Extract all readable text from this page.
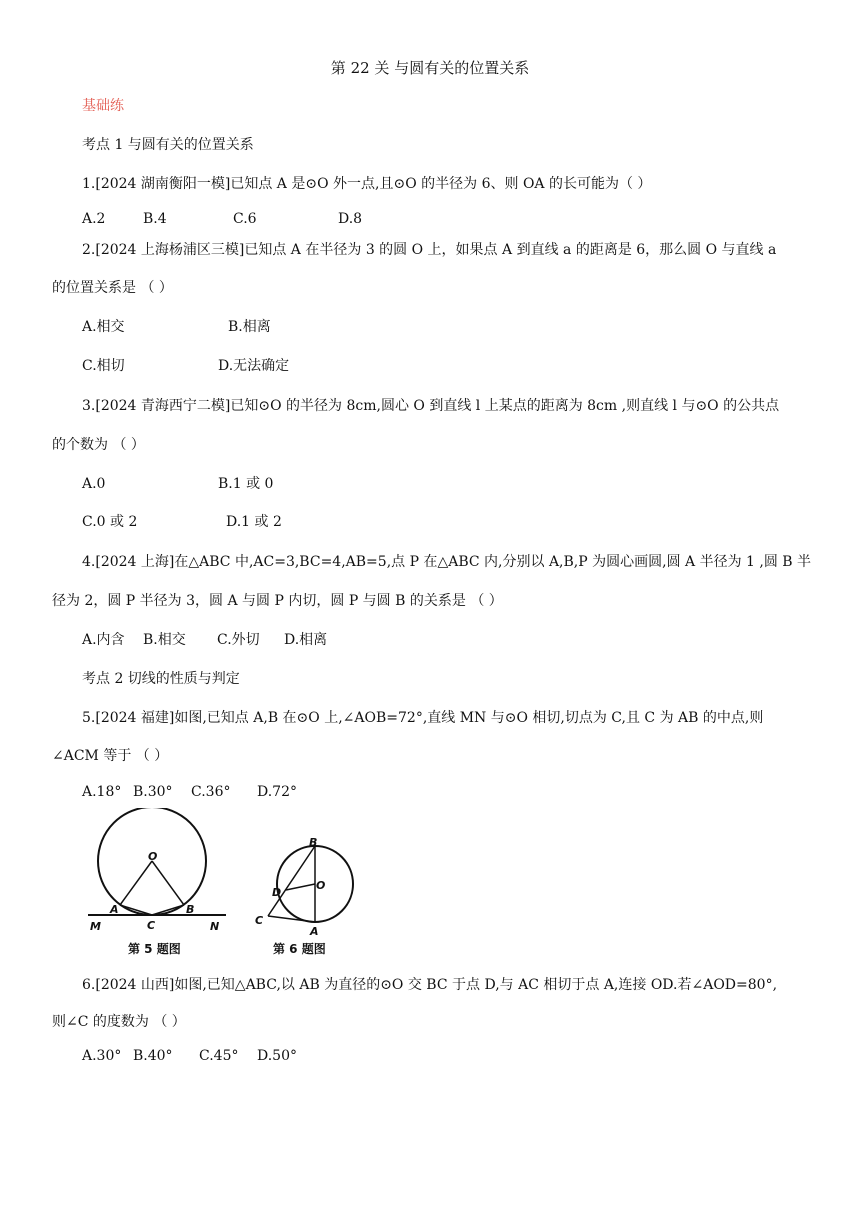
第 22 关 与圆有关的位置关系
基础练
考点 1 与圆有关的位置关系
1.[2024 湖南衡阳一模]已知点 A 是⊙O 外一点,且⊙O 的半径为 6、则 OA 的长可能为（ ）
A.2	B.4	C.6	D.8
2.[2024 上海杨浦区三模]已知点 A 在半径为 3 的圆 O 上，如果点 A 到直线 a 的距离是 6，那么圆 O 与直线 a
的位置关系是 （ ）
A.相交	B.相离
C.相切	D.无法确定
3.[2024 青海西宁二模]已知⊙O 的半径为 8cm,圆心 O 到直线 l 上某点的距离为 8cm ,则直线 l 与⊙O 的公共点
的个数为 （ ）
A.0	B.1 或 0
C.0 或 2	D.1 或 2
4.[2024 上海]在△ABC 中,AC=3,BC=4,AB=5,点 P 在△ABC 内,分别以 A,B,P 为圆心画圆,圆 A 半径为 1 ,圆 B 半
径为 2，圆 P 半径为 3，圆 A 与圆 P 内切，圆 P 与圆 B 的关系是 （ ）
A.内含 B.相交 C.外切 D.相离
考点 2 切线的性质与判定
5.[2024 福建]如图,已知点 A,B 在⊙O 上,∠AOB=72°,直线 MN 与⊙O 相切,切点为 C,且 C 为 AB 的中点,则
∠ACM 等于 （ ）
A.18° B.30° C.36° D.72°
O
A
C
B
M	N
第 5 题图
B
O
D
C
A
第 6 题图
6.[2024 山西]如图,已知△ABC,以 AB 为直径的⊙O 交 BC 于点 D,与 AC 相切于点 A,连接 OD.若∠AOD=80°,
则∠C 的度数为 （ ）
A.30° B.40° C.45° D.50°
